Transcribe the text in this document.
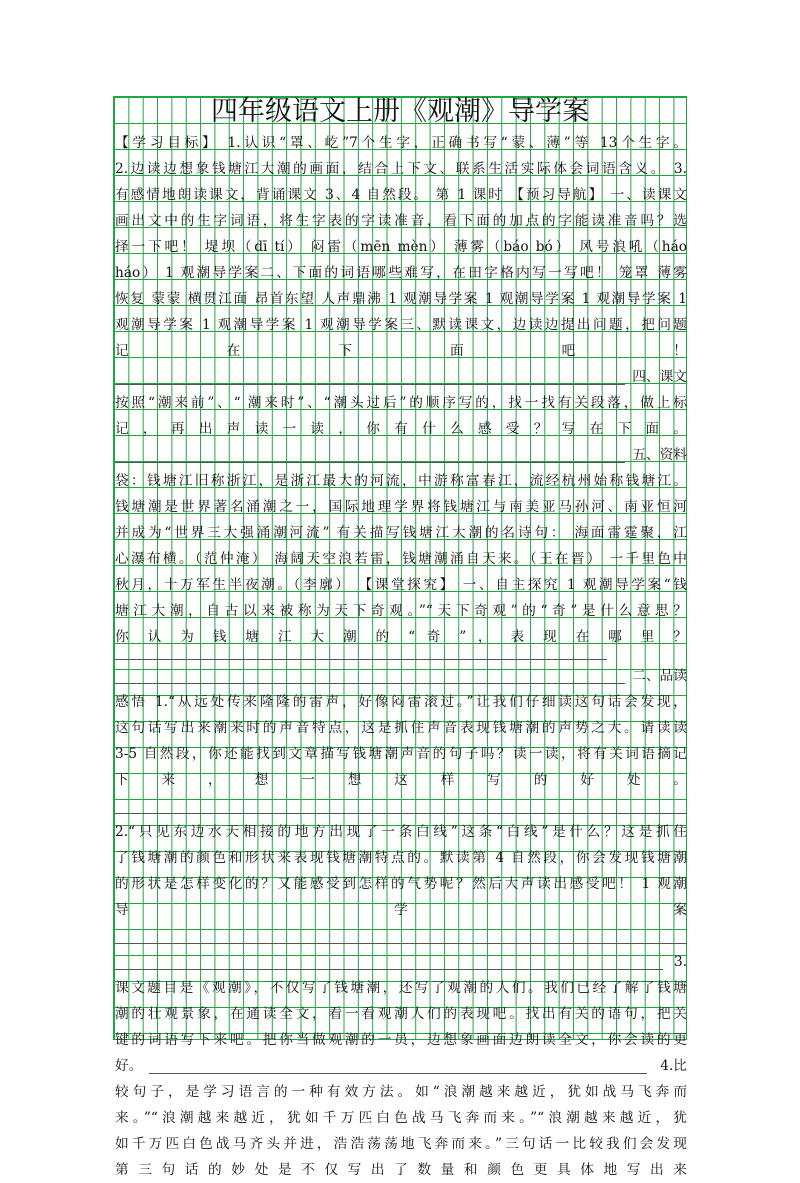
四年级语文上册《观潮》导学案
【学习目标】 1.认识“罩、屹”7个生字，正确书写“蒙、薄”等 13个生字。
2.边读边想象钱塘江大潮的画面，结合上下文、联系生活实际体会词语含义。 3.
有感情地朗读课文，背诵课文 3、4 自然段。 第 1 课时 【预习导航】 一、读课文
画出文中的生字词语，将生字表的字读准音，看下面的加点的字能读准音吗？选
择一下吧！ 堤坝（dī tí） 闷雷（mēn mèn） 薄雾（báo bó） 风号浪吼（háo
háo） 1 观潮导学案二、下面的词语哪些难写，在田字格内写一写吧！ 笼罩 薄雾
恢复 蒙蒙 横贯江面 昂首东望 人声鼎沸 1 观潮导学案 1 观潮导学案 1 观潮导学案 1
观潮导学案 1 观潮导学案 1 观潮导学案三、默读课文，边读边提出问题，把问题
记 在 下 面 吧 ！
四、课文
按照“潮来前”、“ 潮来时”、“潮头过后”的顺序写的，找一找有关段落，做上标
记 ， 再 出 声 读 一 读 ， 你 有 什 么 感 受 ？ 写 在 下 面 。
五、资料
袋：钱塘江旧称浙江，是浙江最大的河流，中游称富春江，流经杭州始称钱塘江。
钱塘潮是世界著名涌潮之一，国际地理学界将钱塘江与南美亚马孙河、南亚恒河
并成为“世界三大强涌潮河流” 有关描写钱塘江大潮的名诗句： 海面雷霆聚，江
心瀑布横。（范仲淹） 海阔天空浪若雷，钱塘潮涌自天来。（王在晋） 一千里色中
秋月，十万军生半夜潮。（李廓） 【课堂探究】 一、自主探究 1 观潮导学案“钱
塘江大潮，自古以来被称为天下奇观。”“天下奇观”的“奇”是什么意思？
你 认 为 钱 塘 江 大 潮 的 “ 奇 ” ， 表 现 在 哪 里 ？
二、品读
感悟 1.“从远处传来隆隆的雷声，好像闷雷滚过。”让我们仔细读这句话会发现，
这句话写出来潮来时的声音特点，这是抓住声音表现钱塘潮的声势之大。请读读
3-5 自然段，你还能找到文章描写钱塘潮声音的句子吗？读一读，将有关词语摘记
下 来 ， 想 一 想 这 样 写 的 好 处 。
2.“只见东边水天相接的地方出现了一条白线”这条“白线”是什么？这是抓住
了钱塘潮的颜色和形状来表现钱塘潮特点的。默读第 4 自然段，你会发现钱塘潮
的形状是怎样变化的？又能感受到怎样的气势呢？然后大声读出感受吧！ 1 观潮
导 学 案
3.
课文题目是《观潮》，不仅写了钱塘潮，还写了观潮的人们。我们已经了解了钱塘
潮的壮观景象，在通读全文，看一看观潮人们的表现吧。找出有关的语句，把关
键的词语写下来吧。把你当做观潮的一员，边想象画面边朗读全文，你会读的更
好。	4.比
较句子，是学习语言的一种有效方法。如“浪潮越来越近，犹如战马飞奔而
来。”“浪潮越来越近，犹如千万匹白色战马飞奔而来。”“浪潮越来越近，犹
如千万匹白色战马齐头并进，浩浩荡荡地飞奔而来。”三句话一比较我们会发现
第 三 句 话 的 妙 处 是 不 仅 写 出 了 数 量 和 颜 色 更 具 体 地 写 出 来
